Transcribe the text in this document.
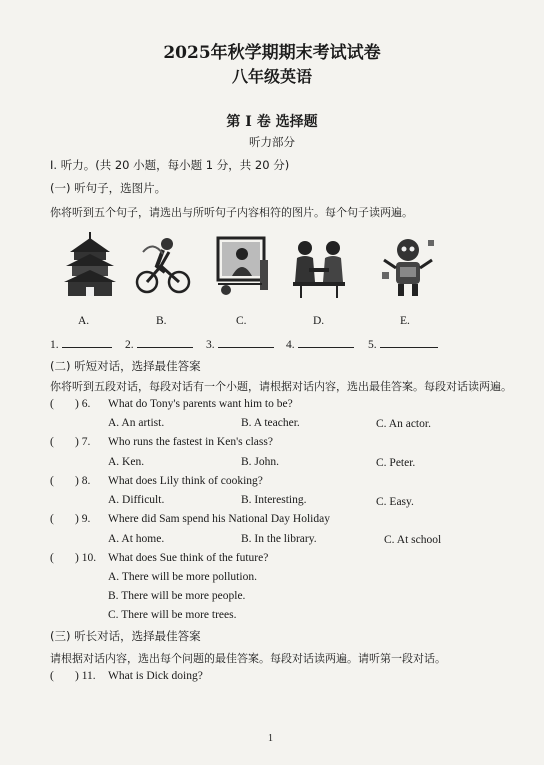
2025年秋学期期末考试试卷
八年级英语
第 I 卷 选择题
听力部分
I. 听力。(共 20 小题，每小题 1 分，共 20 分)
(一) 听句子，选图片。
你将听到五个句子，请选出与所听句子内容相符的图片。每个句子读两遍。
A.	B.	C.	D.	E.
1.	2.	3.	4.	5.
(二) 听短对话，选择最佳答案
你将听到五段对话，每段对话有一个小题，请根据对话内容，选出最佳答案。每段对话读两遍。
( ) 6. What do Tony's parents want him to be?
A. An artist.	B. A teacher.	C. An actor.
( ) 7. Who runs the fastest in Ken's class?
A. Ken.	B. John.	C. Peter.
( ) 8. What does Lily think of cooking?
A. Difficult.	B. Interesting.	C. Easy.
( ) 9. Where did Sam spend his National Day Holiday
A. At home.	B. In the library.	C. At school
( ) 10. What does Sue think of the future?
A. There will be more pollution.
B. There will be more people.
C. There will be more trees.
(三) 听长对话，选择最佳答案
请根据对话内容，选出每个问题的最佳答案。每段对话读两遍。请听第一段对话。
( ) 11. What is Dick doing?
1
